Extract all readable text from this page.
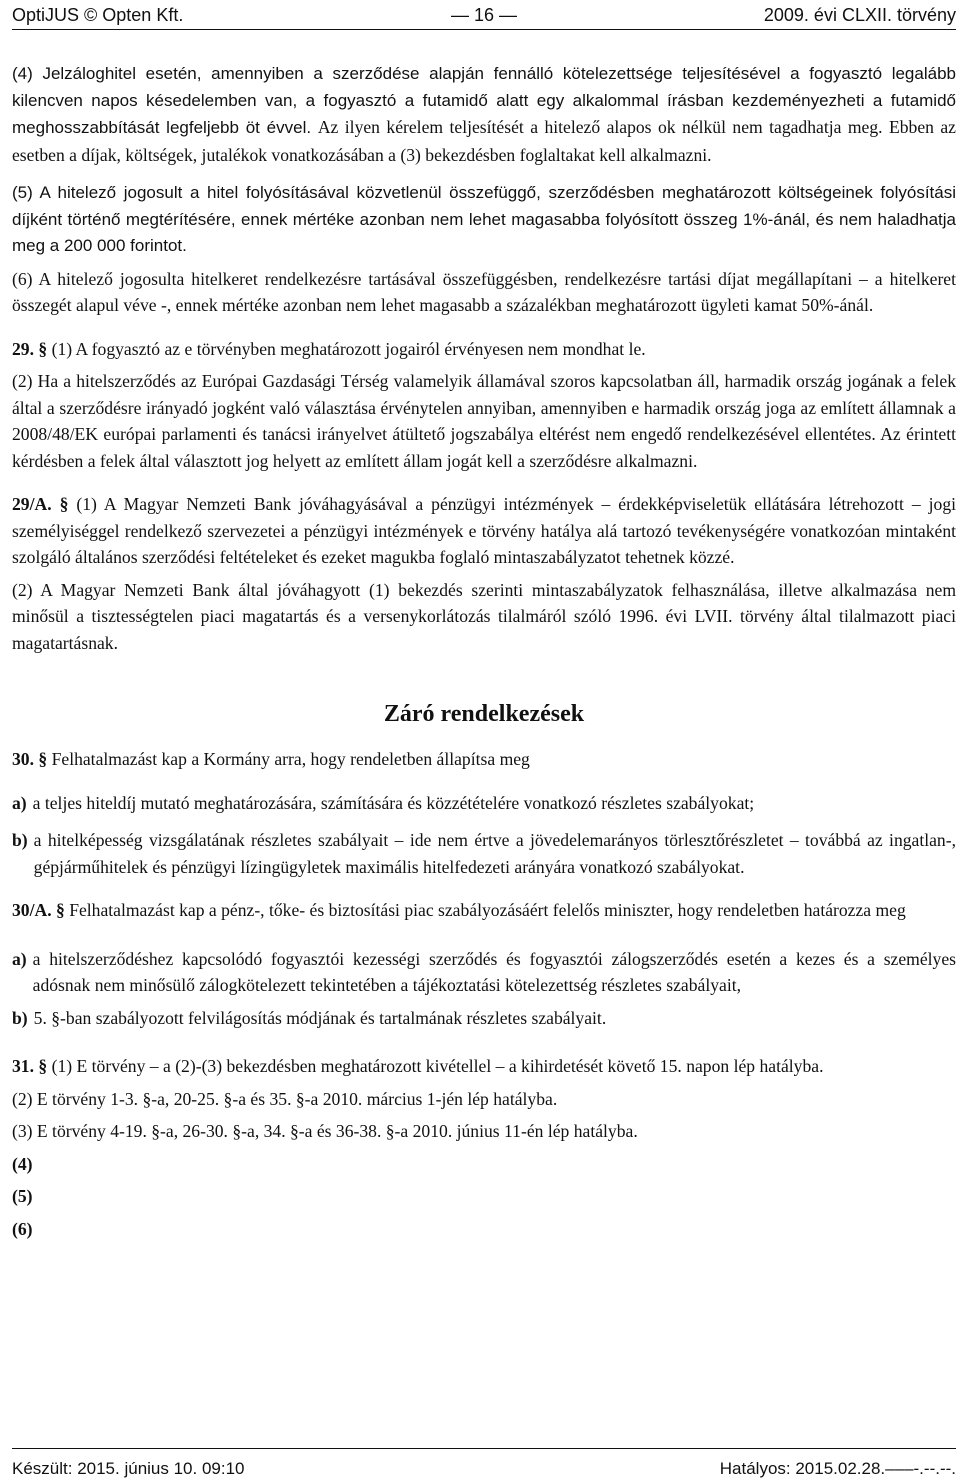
OptiJUS © Opten Kft.	— 16 —	2009. évi CLXII. törvény

(4) Jelzáloghitel esetén, amennyiben a szerződése alapján fennálló kötelezettsége teljesítésével a fogyasztó legalább kilencven napos késedelemben van, a fogyasztó a futamidő alatt egy alkalommal írásban kezdeményezheti a futamidő meghosszabbítását legfeljebb öt évvel. Az ilyen kérelem teljesítését a hitelező alapos ok nélkül nem tagadhatja meg. Ebben az esetben a díjak, költségek, jutalékok vonatkozásában a (3) bekezdésben foglaltakat kell alkalmazni.

(5) A hitelező jogosult a hitel folyósításával közvetlenül összefüggő, szerződésben meghatározott költségeinek folyósítási díjként történő megtérítésére, ennek mértéke azonban nem lehet magasabba folyósított összeg 1%-ánál, és nem haladhatja meg a 200 000 forintot.

(6) A hitelező jogosulta hitelkeret rendelkezésre tartásával összefüggésben, rendelkezésre tartási díjat megállapítani – a hitelkeret összegét alapul véve -, ennek mértéke azonban nem lehet magasabb a százalékban meghatározott ügyleti kamat 50%-ánál.

29. § (1) A fogyasztó az e törvényben meghatározott jogairól érvényesen nem mondhat le.

(2) Ha a hitelszerződés az Európai Gazdasági Térség valamelyik államával szoros kapcsolatban áll, harmadik ország jogának a felek által a szerződésre irányadó jogként való választása érvénytelen annyiban, amennyiben e harmadik ország joga az említett államnak a 2008/48/EK európai parlamenti és tanácsi irányelvet átültető jogszabálya eltérést nem engedő rendelkezésével ellentétes. Az érintett kérdésben a felek által választott jog helyett az említett állam jogát kell a szerződésre alkalmazni.

29/A. § (1) A Magyar Nemzeti Bank jóváhagyásával a pénzügyi intézmények – érdekképviseletük ellátására létrehozott – jogi személyiséggel rendelkező szervezetei a pénzügyi intézmények e törvény hatálya alá tartozó tevékenységére vonatkozóan mintaként szolgáló általános szerződési feltételeket és ezeket magukba foglaló mintaszabályzatot tehetnek közzé.

(2) A Magyar Nemzeti Bank által jóváhagyott (1) bekezdés szerinti mintaszabályzatok felhasználása, illetve alkalmazása nem minősül a tisztességtelen piaci magatartás és a versenykorlátozás tilalmáról szóló 1996. évi LVII. törvény által tilalmazott piaci magatartásnak.

Záró rendelkezések

30. § Felhatalmazást kap a Kormány arra, hogy rendeletben állapítsa meg

a) a teljes hiteldíj mutató meghatározására, számítására és közzétételére vonatkozó részletes szabályokat;
b) a hitelképesség vizsgálatának részletes szabályait – ide nem értve a jövedelemarányos törlesztőrészletet – továbbá az ingatlan-, gépjárműhitelek és pénzügyi lízingügyletek maximális hitelfedezeti arányára vonatkozó szabályokat.

30/A. § Felhatalmazást kap a pénz-, tőke- és biztosítási piac szabályozásáért felelős miniszter, hogy rendeletben határozza meg

a) a hitelszerződéshez kapcsolódó fogyasztói kezességi szerződés és fogyasztói zálogszerződés esetén a kezes és a személyes adósnak nem minősülő zálogkötelezett tekintetében a tájékoztatási kötelezettség részletes szabályait,
b) 5. §-ban szabályozott felvilágosítás módjának és tartalmának részletes szabályait.

31. § (1) E törvény – a (2)-(3) bekezdésben meghatározott kivétellel – a kihirdetését követő 15. napon lép hatályba.

(2) E törvény 1-3. §-a, 20-25. §-a és 35. §-a 2010. március 1-jén lép hatályba.

(3) E törvény 4-19. §-a, 26-30. §-a, 34. §-a és 36-38. §-a 2010. június 11-én lép hatályba.

(4)

(5)

(6)

Készült: 2015. június 10. 09:10	Hatályos: 2015.02.28.–––-.--.--.
